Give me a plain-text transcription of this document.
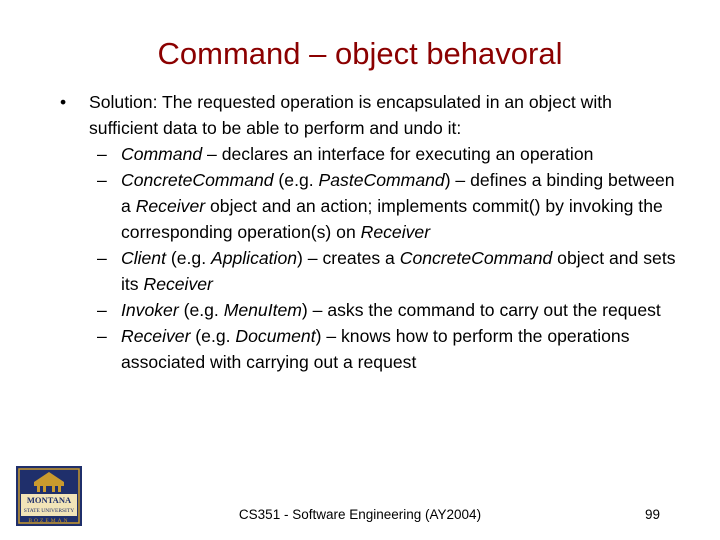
Command – object behavoral
•	Solution: The requested operation is encapsulated in an object with sufficient data to be able to perform and undo it:
– Command – declares an interface for executing an operation
– ConcreteCommand (e.g. PasteCommand) – defines a binding between a Receiver object and an action; implements commit() by invoking the corresponding operation(s) on Receiver
– Client (e.g. Application) – creates a ConcreteCommand object and sets its Receiver
– Invoker (e.g. MenuItem) – asks the command to carry out the request
– Receiver (e.g. Document) – knows how to perform the operations associated with carrying out a request
MONTANA
STATE UNIVERSITY
BOZEMAN	CS351 - Software Engineering (AY2004)	99
